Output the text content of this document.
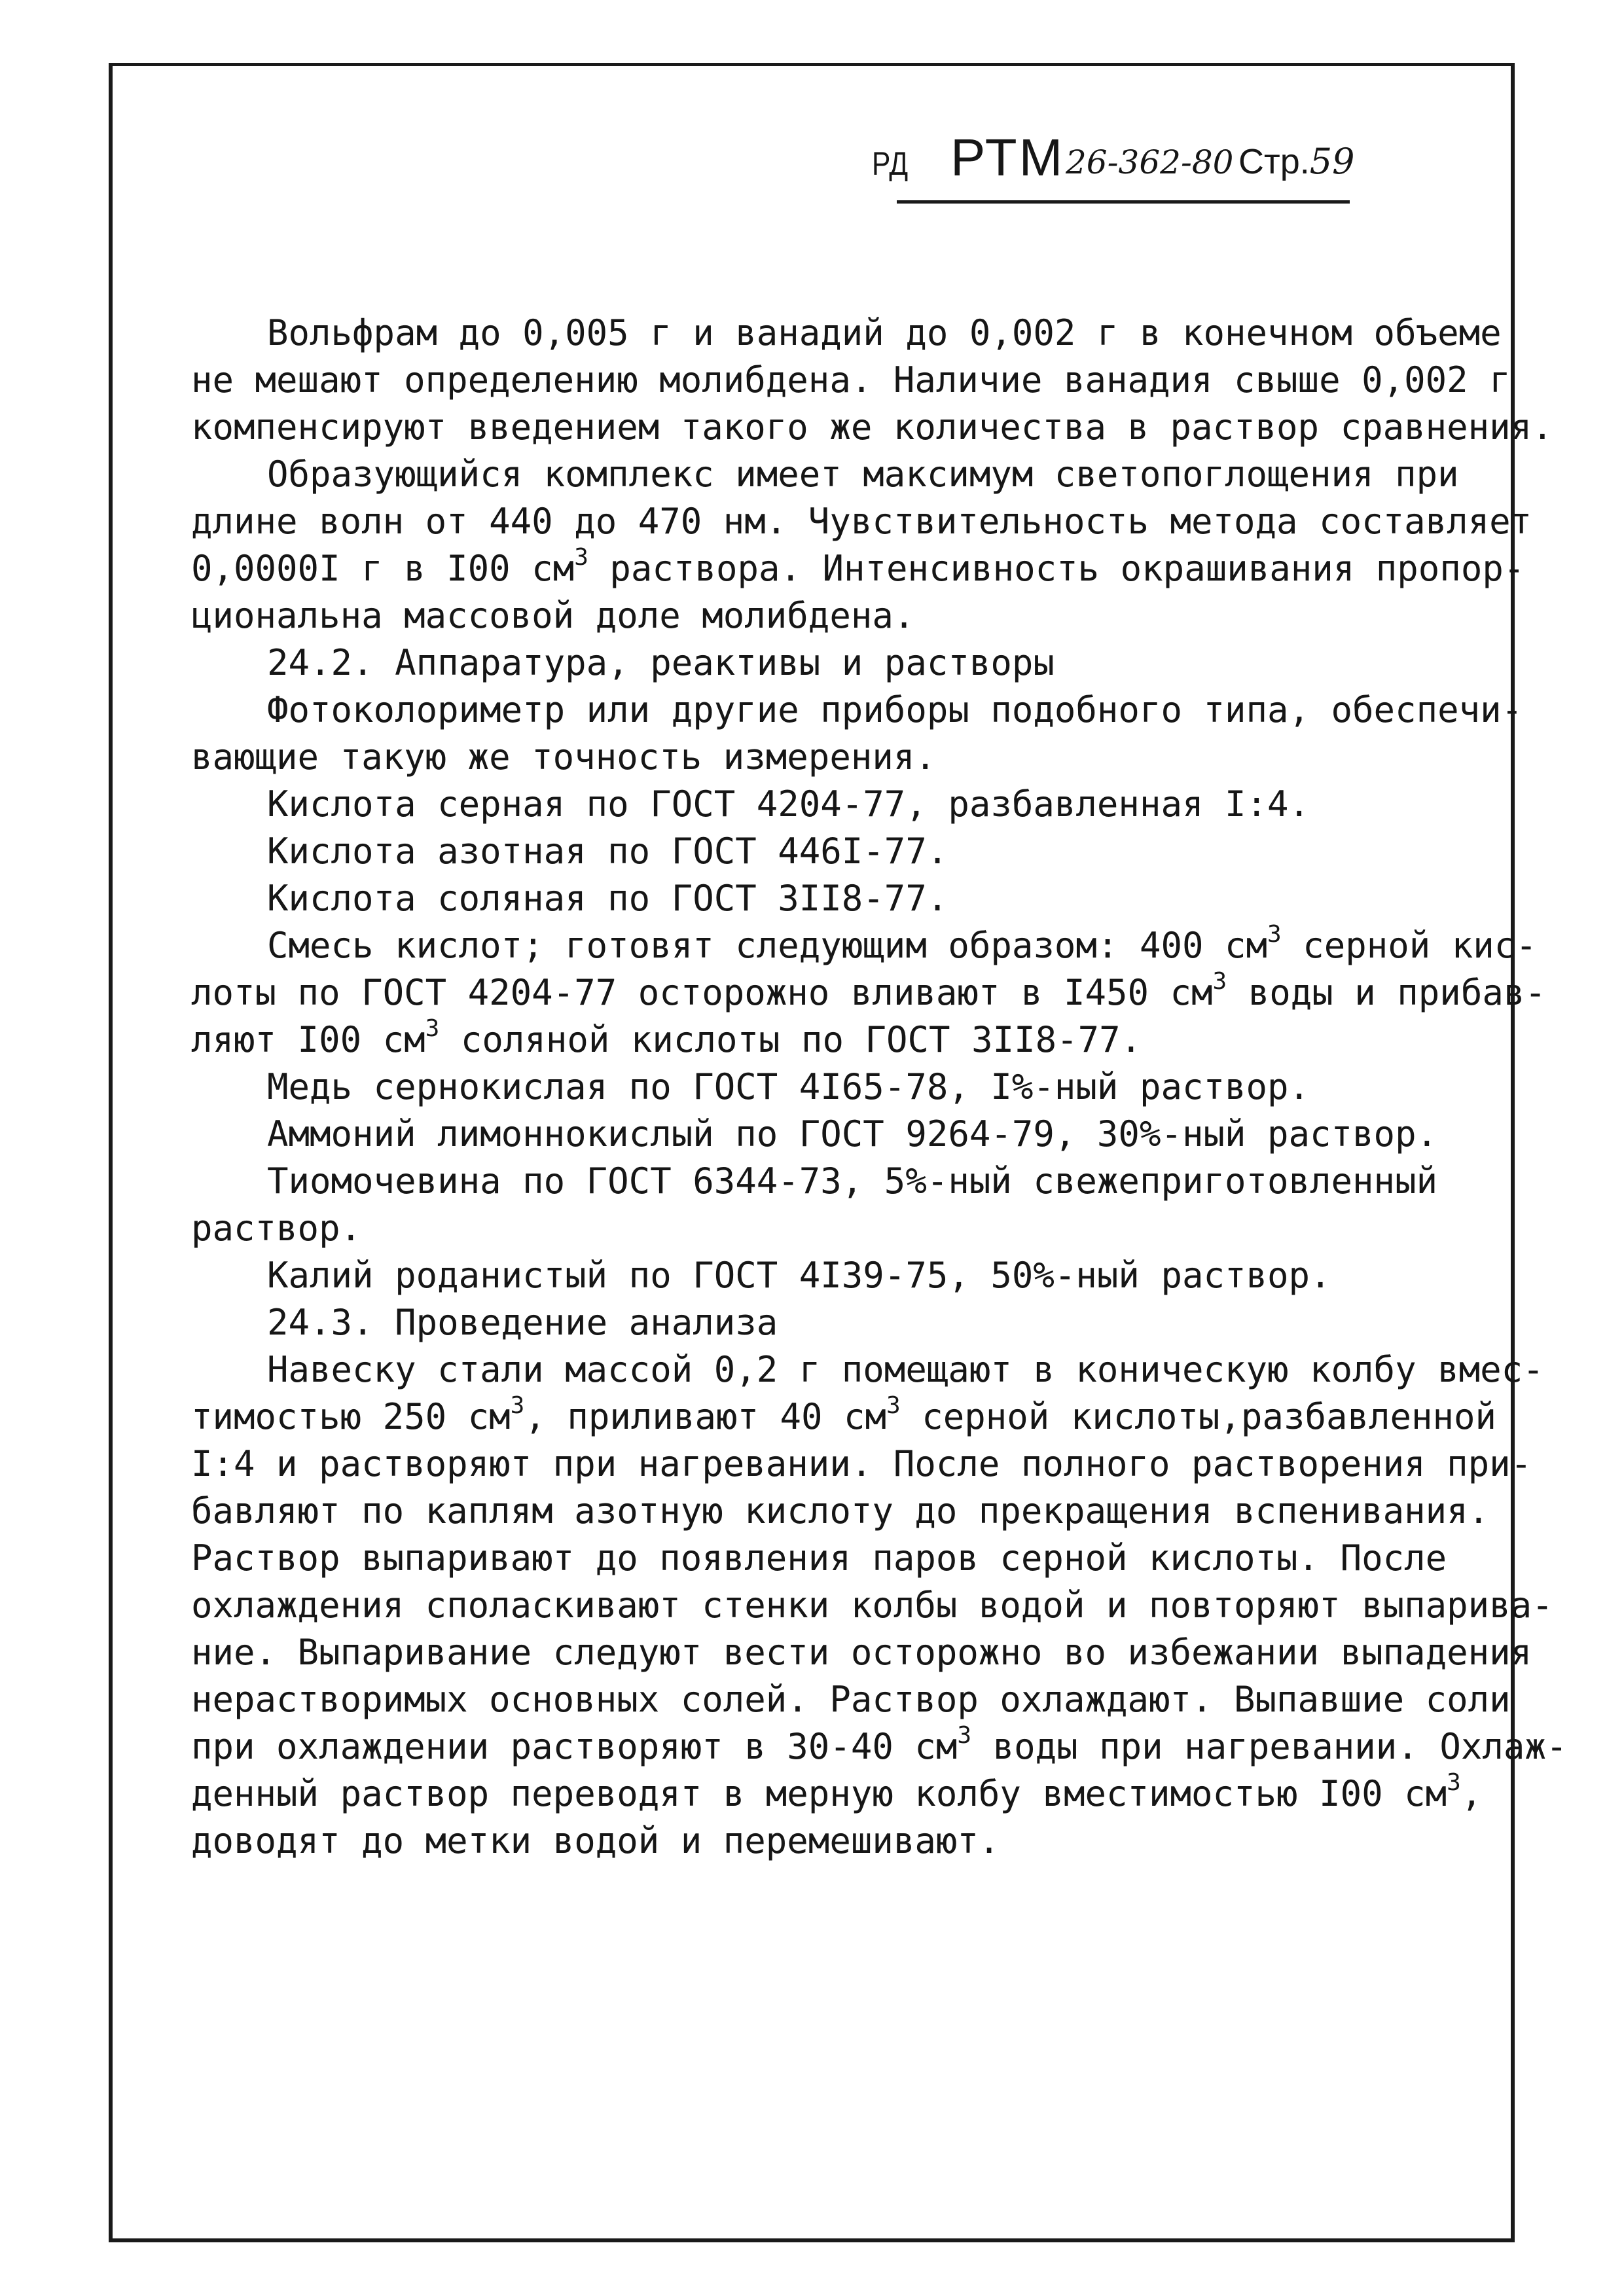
РД РТМ 26-362-80 Стр.59
Вольфрам до 0,005 г и ванадий до 0,002 г в конечном объеме
не мешают определению молибдена. Наличие ванадия свыше 0,002 г
компенсируют введением такого же количества в раствор сравнения.
Образующийся комплекс имеет максимум светопоглощения при
длине волн от 440 до 470 нм. Чувствительность метода составляет
0,0000I г в I00 $см^3$ раствора. Интенсивность окрашивания пропор-
циональна массовой доле молибдена.
24.2. Аппаратура, реактивы и растворы
Фотоколориметр или другие приборы подобного типа, обеспечи-
вающие такую же точность измерения.
Кислота серная по ГОСТ 4204-77, разбавленная I:4.
Кислота азотная по ГОСТ 446I-77.
Кислота соляная по ГОСТ 3II8-77.
Смесь кислот; готовят следующим образом: 400 $см^3$ серной кис-
лоты по ГОСТ 4204-77 осторожно вливают в I450 $см^3$ воды и прибав-
ляют I00 $см^3$ соляной кислоты по ГОСТ 3II8-77.
Медь сернокислая по ГОСТ 4I65-78, I%-ный раствор.
Аммоний лимоннокислый по ГОСТ 9264-79, 30%-ный раствор.
Тиомочевина по ГОСТ 6344-73, 5%-ный свежеприготовленный
раствор.
Калий роданистый по ГОСТ 4I39-75, 50%-ный раствор.
24.3. Проведение анализа
Навеску стали массой 0,2 г помещают в коническую колбу вмес-
тимостью 250 $см^3$, приливают 40 $см^3$ серной кислоты,разбавленной
I:4 и растворяют при нагревании. После полного растворения при-
бавляют по каплям азотную кислоту до прекращения вспенивания.
Раствор выпаривают до появления паров серной кислоты. После
охлаждения споласкивают стенки колбы водой и повторяют выпарива-
ние. Выпаривание следуют вести осторожно во избежании выпадения
нерастворимых основных солей. Раствор охлаждают. Выпавшие соли
при охлаждении растворяют в 30-40 $см^3$ воды при нагревании. Охлаж-
денный раствор переводят в мерную колбу вместимостью I00 $см^3$,
доводят до метки водой и перемешивают.
